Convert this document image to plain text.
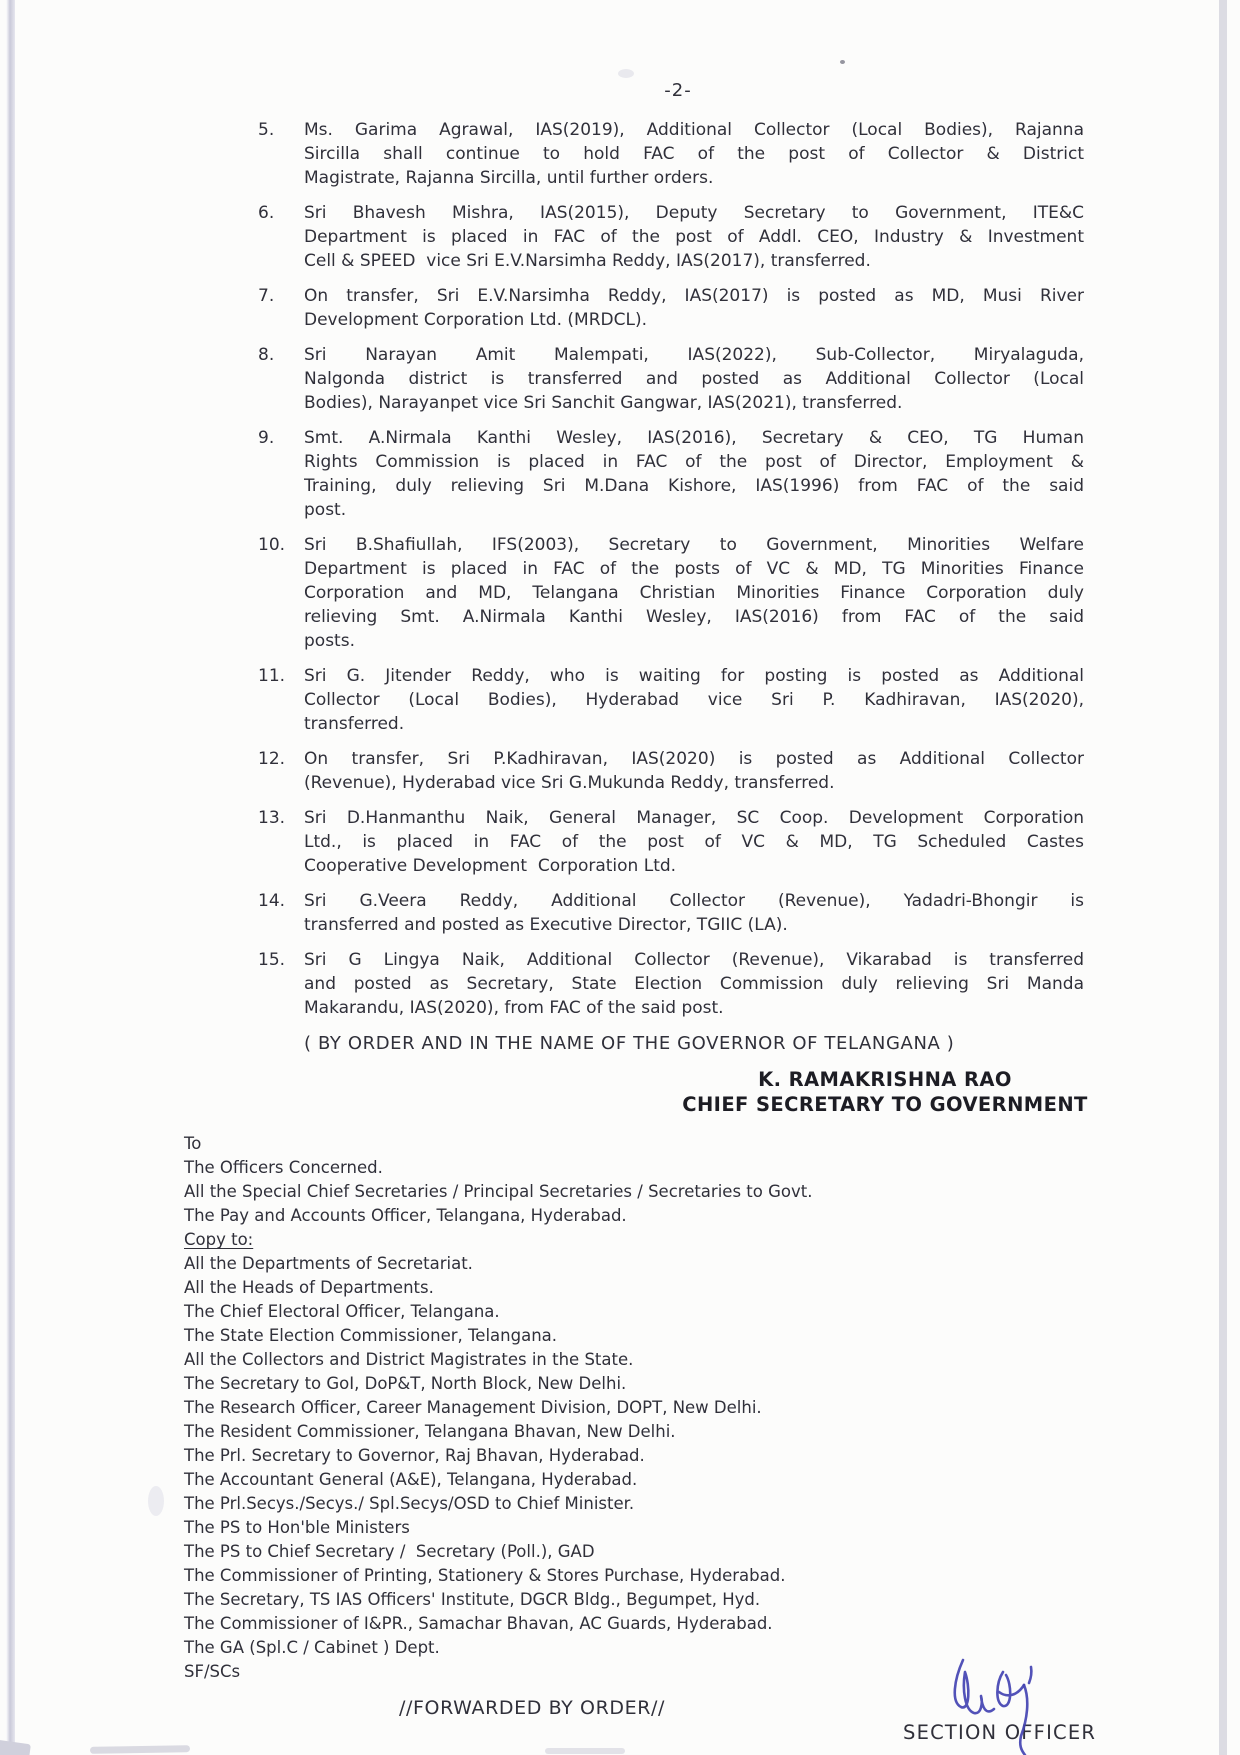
-2-
5.	Ms. Garima Agrawal, IAS(2019), Additional Collector (Local Bodies), Rajanna
Sircilla shall continue to hold FAC of the post of Collector & District
Magistrate, Rajanna Sircilla, until further orders.
6.	Sri Bhavesh Mishra, IAS(2015), Deputy Secretary to Government, ITE&C
Department is placed in FAC of the post of Addl. CEO, Industry & Investment
Cell & SPEED  vice Sri E.V.Narsimha Reddy, IAS(2017), transferred.
7.	On transfer, Sri E.V.Narsimha Reddy, IAS(2017) is posted as MD, Musi River
Development Corporation Ltd. (MRDCL).
8.	Sri Narayan Amit Malempati, IAS(2022), Sub-Collector, Miryalaguda,
Nalgonda district is transferred and posted as Additional Collector (Local
Bodies), Narayanpet vice Sri Sanchit Gangwar, IAS(2021), transferred.
9.	Smt. A.Nirmala Kanthi Wesley, IAS(2016), Secretary & CEO, TG Human
Rights Commission is placed in FAC of the post of Director, Employment &
Training, duly relieving Sri M.Dana Kishore, IAS(1996) from FAC of the said
post.
10.	Sri B.Shafiullah, IFS(2003), Secretary to Government, Minorities Welfare
Department is placed in FAC of the posts of VC & MD, TG Minorities Finance
Corporation and MD, Telangana Christian Minorities Finance Corporation duly
relieving Smt. A.Nirmala Kanthi Wesley, IAS(2016) from FAC of the said
posts.
11.	Sri G. Jitender Reddy, who is waiting for posting is posted as Additional
Collector (Local Bodies), Hyderabad vice Sri P. Kadhiravan, IAS(2020),
transferred.
12.	On transfer, Sri P.Kadhiravan, IAS(2020) is posted as Additional Collector
(Revenue), Hyderabad vice Sri G.Mukunda Reddy, transferred.
13.	Sri D.Hanmanthu Naik, General Manager, SC Coop. Development Corporation
Ltd., is placed in FAC of the post of VC & MD, TG Scheduled Castes
Cooperative Development  Corporation Ltd.
14.	Sri G.Veera Reddy, Additional Collector (Revenue), Yadadri-Bhongir is
transferred and posted as Executive Director, TGIIC (LA).
15.	Sri G Lingya Naik, Additional Collector (Revenue), Vikarabad is transferred
and posted as Secretary, State Election Commission duly relieving Sri Manda
Makarandu, IAS(2020), from FAC of the said post.
( BY ORDER AND IN THE NAME OF THE GOVERNOR OF TELANGANA )
K. RAMAKRISHNA RAO
CHIEF SECRETARY TO GOVERNMENT
To
The Officers Concerned.
All the Special Chief Secretaries / Principal Secretaries / Secretaries to Govt.
The Pay and Accounts Officer, Telangana, Hyderabad.
Copy to:
All the Departments of Secretariat.
All the Heads of Departments.
The Chief Electoral Officer, Telangana.
The State Election Commissioner, Telangana.
All the Collectors and District Magistrates in the State.
The Secretary to GoI, DoP&T, North Block, New Delhi.
The Research Officer, Career Management Division, DOPT, New Delhi.
The Resident Commissioner, Telangana Bhavan, New Delhi.
The Prl. Secretary to Governor, Raj Bhavan, Hyderabad.
The Accountant General (A&E), Telangana, Hyderabad.
The Prl.Secys./Secys./ Spl.Secys/OSD to Chief Minister.
The PS to Hon'ble Ministers
The PS to Chief Secretary /  Secretary (Poll.), GAD
The Commissioner of Printing, Stationery & Stores Purchase, Hyderabad.
The Secretary, TS IAS Officers' Institute, DGCR Bldg., Begumpet, Hyd.
The Commissioner of I&PR., Samachar Bhavan, AC Guards, Hyderabad.
The GA (Spl.C / Cabinet ) Dept.
SF/SCs
//FORWARDED BY ORDER//
SECTION OFFICER
